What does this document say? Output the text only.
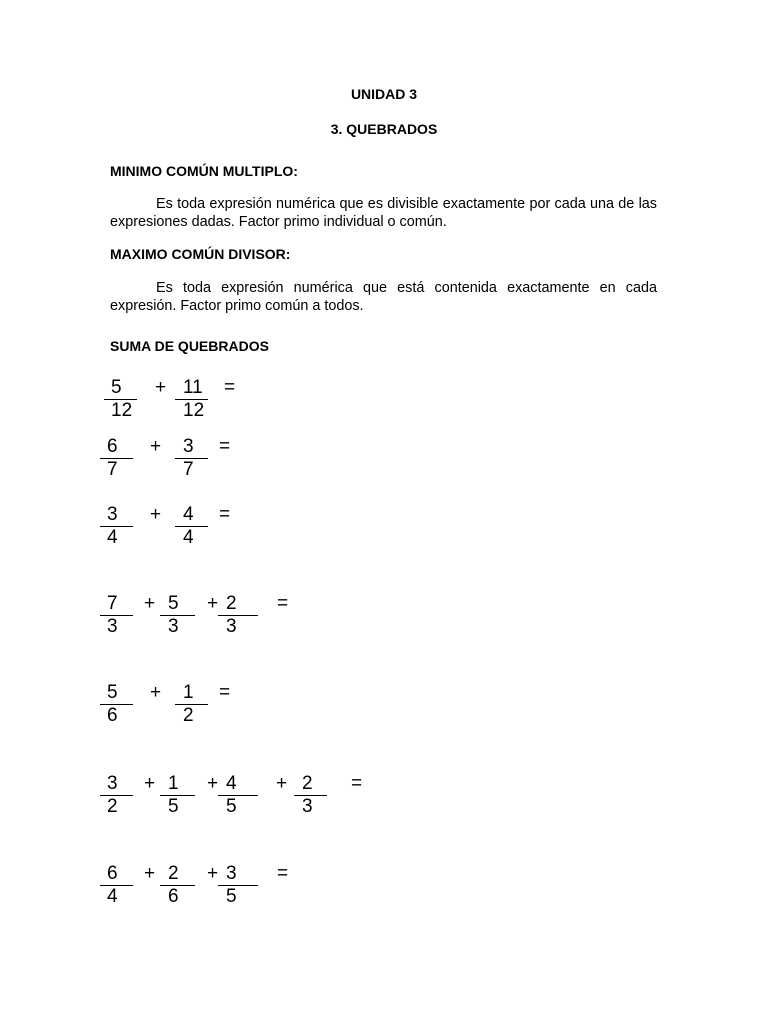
UNIDAD 3
3. QUEBRADOS
MINIMO COMÚN MULTIPLO:
Es toda expresión numérica que es divisible exactamente por cada una de las expresiones dadas. Factor primo individual o común.
MAXIMO COMÚN DIVISOR:
Es toda expresión numérica que está contenida exactamente en cada expresión. Factor primo común a todos.
SUMA DE QUEBRADOS
5
12
11
12
+	=
6
7
3
7
+	=
3
4
4
4
+	=
7
3
5
3
2
3
+	+	=
5
6
1
2
+	=
3
2
1
5
4
5
2
3
+	+	+	=
6
4
2
6
3
5
+	+	=
